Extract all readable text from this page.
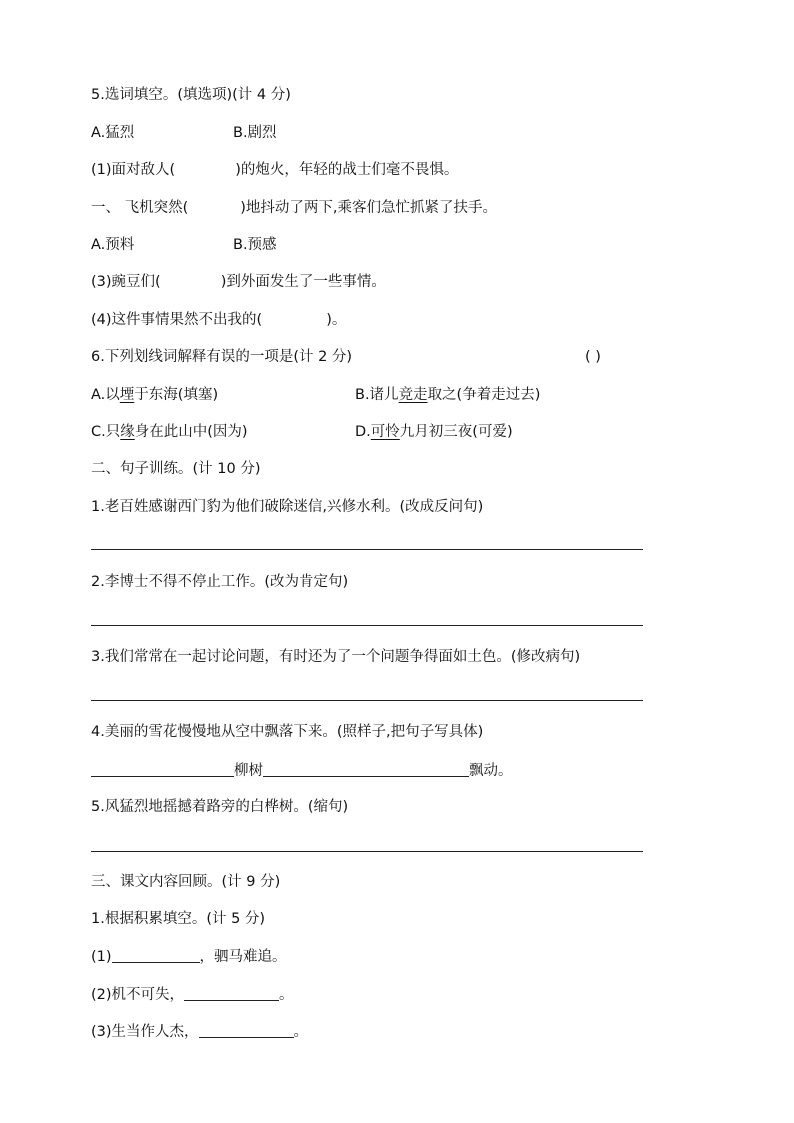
5.选词填空。(填选项)(计 4 分)
A.猛烈	B.剧烈
(1)面对敌人(	)的炮火，年轻的战士们毫不畏惧。
一、 飞机突然(	)地抖动了两下,乘客们急忙抓紧了扶手。
A.预料	B.预感
(3)豌豆们(	)到外面发生了一些事情。
(4)这件事情果然不出我的(	)。
6.下列划线词解释有误的一项是(计 2 分)	( )
A.以堙于东海(填塞)	B.诸儿竞走取之(争着走过去)
C.只缘身在此山中(因为)	D.可怜九月初三夜(可爱)
二、句子训练。(计 10 分)
1.老百姓感谢西门豹为他们破除迷信,兴修水利。(改成反问句)
2.李博士不得不停止工作。(改为肯定句)
3.我们常常在一起讨论问题，有时还为了一个问题争得面如土色。(修改病句)
4.美丽的雪花慢慢地从空中飘落下来。(照样子,把句子写具体)
柳树	飘动。
5.风猛烈地摇撼着路旁的白桦树。(缩句)
三、课文内容回顾。(计 9 分)
1.根据积累填空。(计 5 分)
(1)	，驷马难追。
(2)机不可失，	。
(3)生当作人杰，	。
